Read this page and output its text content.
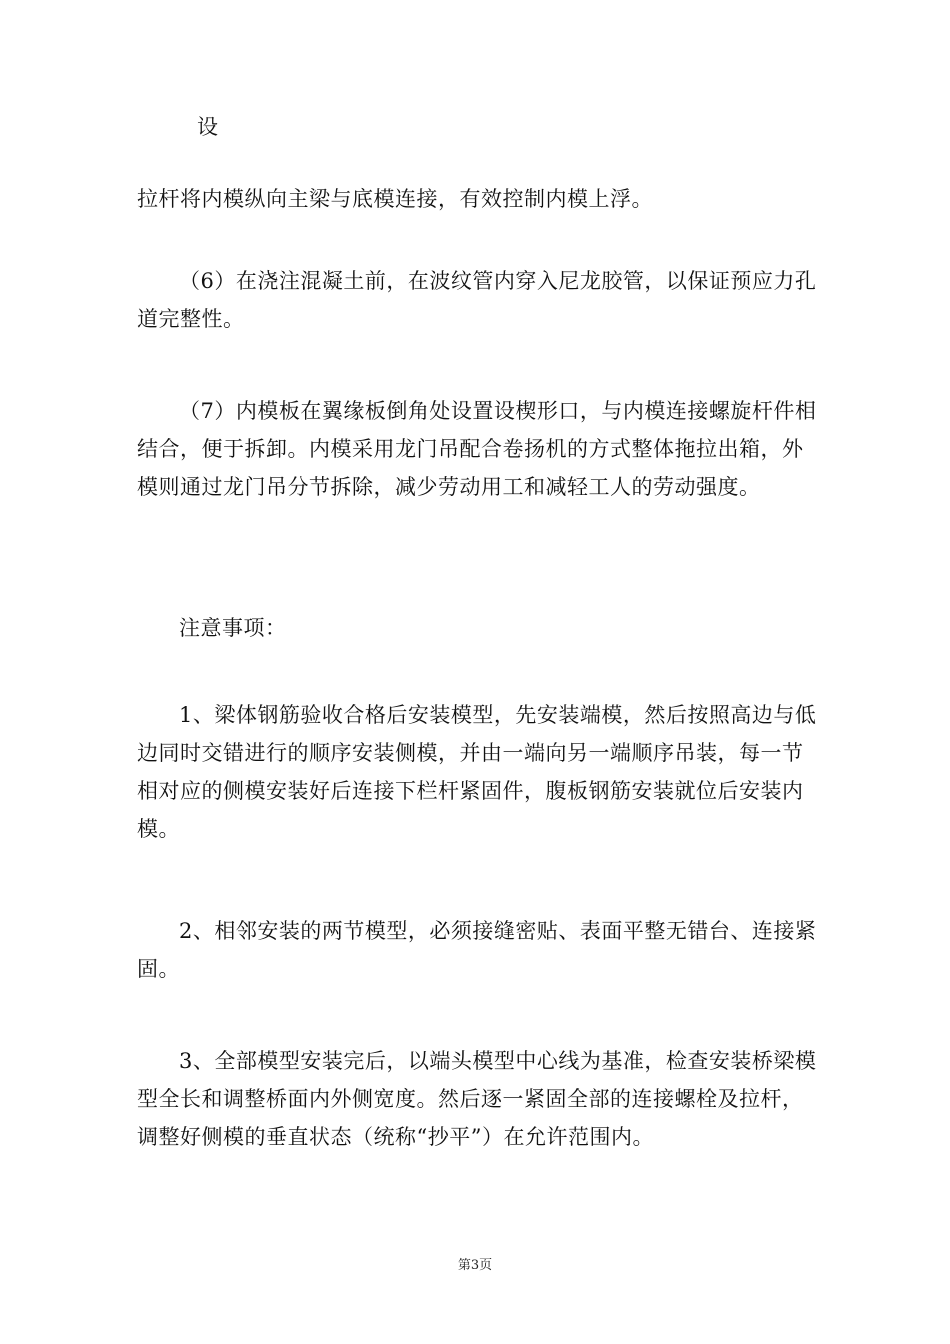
设

拉杆将内模纵向主梁与底模连接，有效控制内模上浮。

（6）在浇注混凝土前，在波纹管内穿入尼龙胶管，以保证预应力孔道完整性。

（7）内模板在翼缘板倒角处设置设楔形口，与内模连接螺旋杆件相结合，便于拆卸。内模采用龙门吊配合卷扬机的方式整体拖拉出箱，外模则通过龙门吊分节拆除，减少劳动用工和减轻工人的劳动强度。

注意事项：

1、梁体钢筋验收合格后安装模型，先安装端模，然后按照高边与低边同时交错进行的顺序安装侧模，并由一端向另一端顺序吊装，每一节相对应的侧模安装好后连接下栏杆紧固件，腹板钢筋安装就位后安装内模。

2、相邻安装的两节模型，必须接缝密贴、表面平整无错台、连接紧固。

3、全部模型安装完后，以端头模型中心线为基准，检查安装桥梁模型全长和调整桥面内外侧宽度。然后逐一紧固全部的连接螺栓及拉杆，调整好侧模的垂直状态（统称“抄平”）在允许范围内。

第3页
